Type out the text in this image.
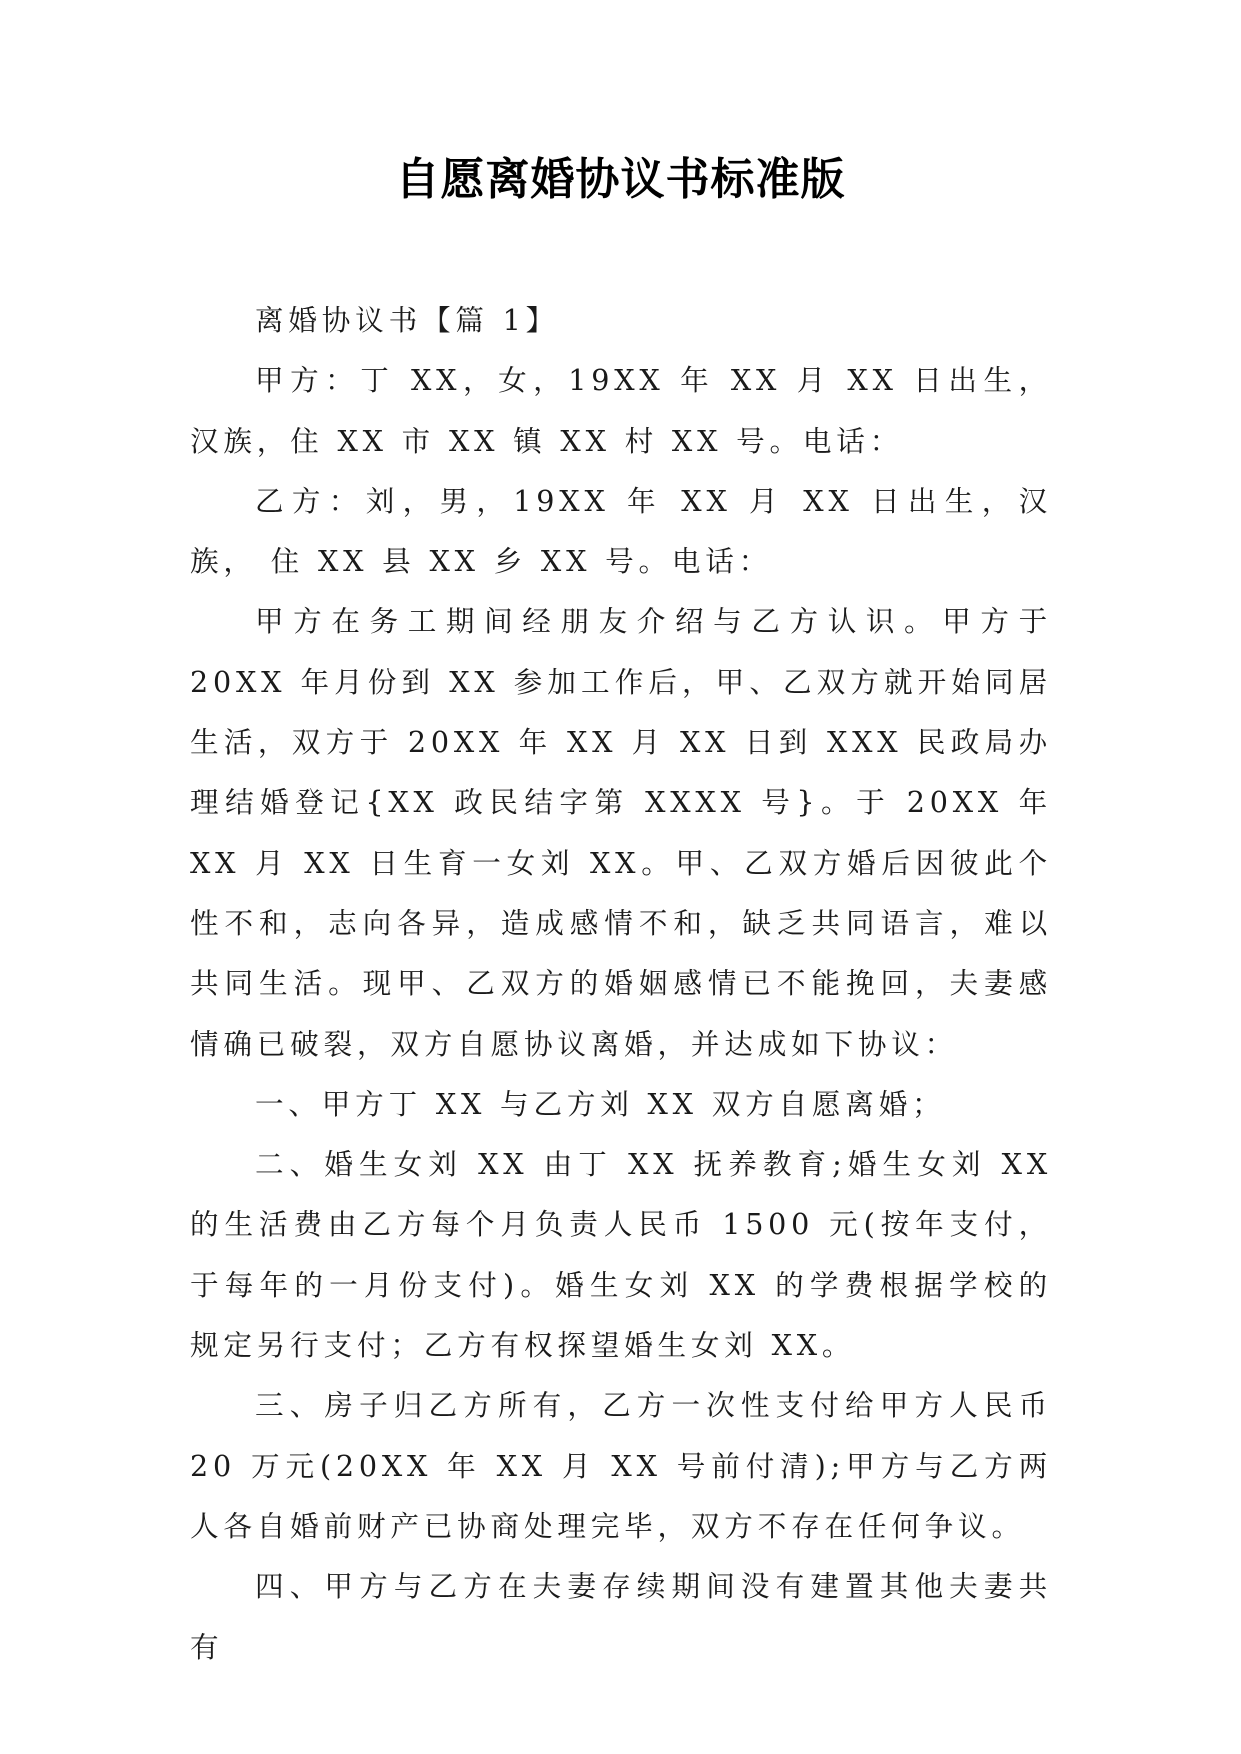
自愿离婚协议书标准版

离婚协议书【篇 1】

甲方：丁 XX，女，19XX 年 XX 月 XX 日出生，汉族，住 XX 市 XX 镇 XX 村 XX 号。电话：

乙方：刘，男，19XX 年 XX 月 XX 日出生，汉族， 住 XX 县 XX 乡 XX 号。电话：

甲方在务工期间经朋友介绍与乙方认识。甲方于 20XX 年月份到 XX 参加工作后，甲、乙双方就开始同居生活，双方于 20XX 年 XX 月 XX 日到 XXX 民政局办理结婚登记{XX 政民结字第 XXXX 号}。于 20XX 年 XX 月 XX 日生育一女刘 XX。甲、乙双方婚后因彼此个性不和，志向各异，造成感情不和，缺乏共同语言，难以共同生活。现甲、乙双方的婚姻感情已不能挽回，夫妻感情确已破裂，双方自愿协议离婚，并达成如下协议：

一、甲方丁 XX 与乙方刘 XX 双方自愿离婚；

二、婚生女刘 XX 由丁 XX 抚养教育;婚生女刘 XX 的生活费由乙方每个月负责人民币 1500 元(按年支付，于每年的一月份支付)。婚生女刘 XX 的学费根据学校的规定另行支付；乙方有权探望婚生女刘 XX。

三、房子归乙方所有，乙方一次性支付给甲方人民币 20 万元(20XX 年 XX 月 XX 号前付清);甲方与乙方两人各自婚前财产已协商处理完毕，双方不存在任何争议。

四、甲方与乙方在夫妻存续期间没有建置其他夫妻共有
